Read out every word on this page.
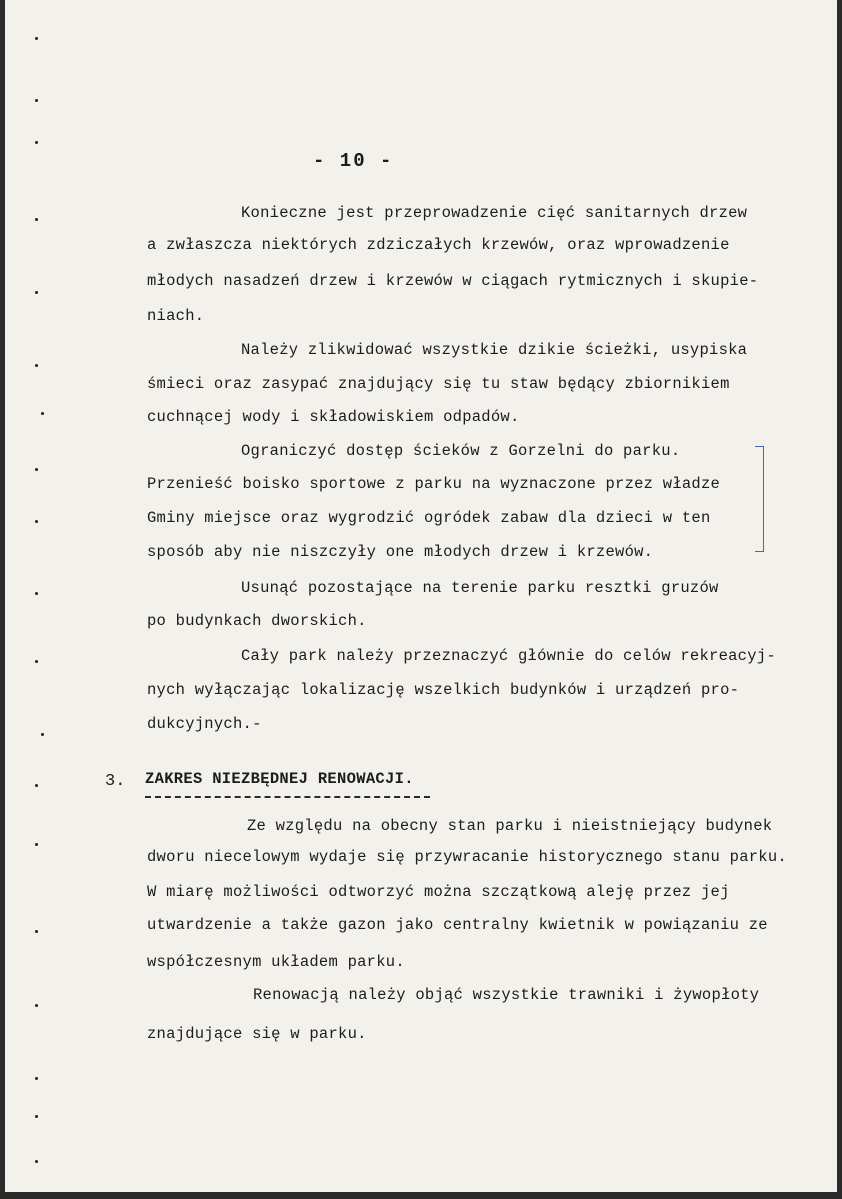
- 10 -
Konieczne jest przeprowadzenie cięć sanitarnych drzew
a zwłaszcza niektórych zdziczałych krzewów, oraz wprowadzenie
młodych nasadzeń drzew i krzewów w ciągach rytmicznych i skupie-
niach.
Należy zlikwidować wszystkie dzikie ścieżki, usypiska
śmieci oraz zasypać znajdujący się tu staw będący zbiornikiem
cuchnącej wody i składowiskiem odpadów.
Ograniczyć dostęp ścieków z Gorzelni do parku.
Przenieść boisko sportowe z parku na wyznaczone przez władze
Gminy miejsce oraz wygrodzić ogródek zabaw dla dzieci w ten
sposób aby nie niszczyły one młodych drzew i krzewów.
Usunąć pozostające na terenie parku resztki gruzów
po budynkach dworskich.
Cały park należy przeznaczyć głównie do celów rekreacyj-
nych wyłączając lokalizację wszelkich budynków i urządzeń pro-
dukcyjnych.-
3. ZAKRES NIEZBĘDNEJ RENOWACJI.
Ze względu na obecny stan parku i nieistniejący budynek
dworu niecelowym wydaje się przywracanie historycznego stanu parku.
W miarę możliwości odtworzyć można szczątkową aleję przez jej
utwardzenie a także gazon jako centralny kwietnik w powiązaniu ze
współczesnym układem parku.
Renowacją należy objąć wszystkie trawniki i żywopłoty
znajdujące się w parku.
